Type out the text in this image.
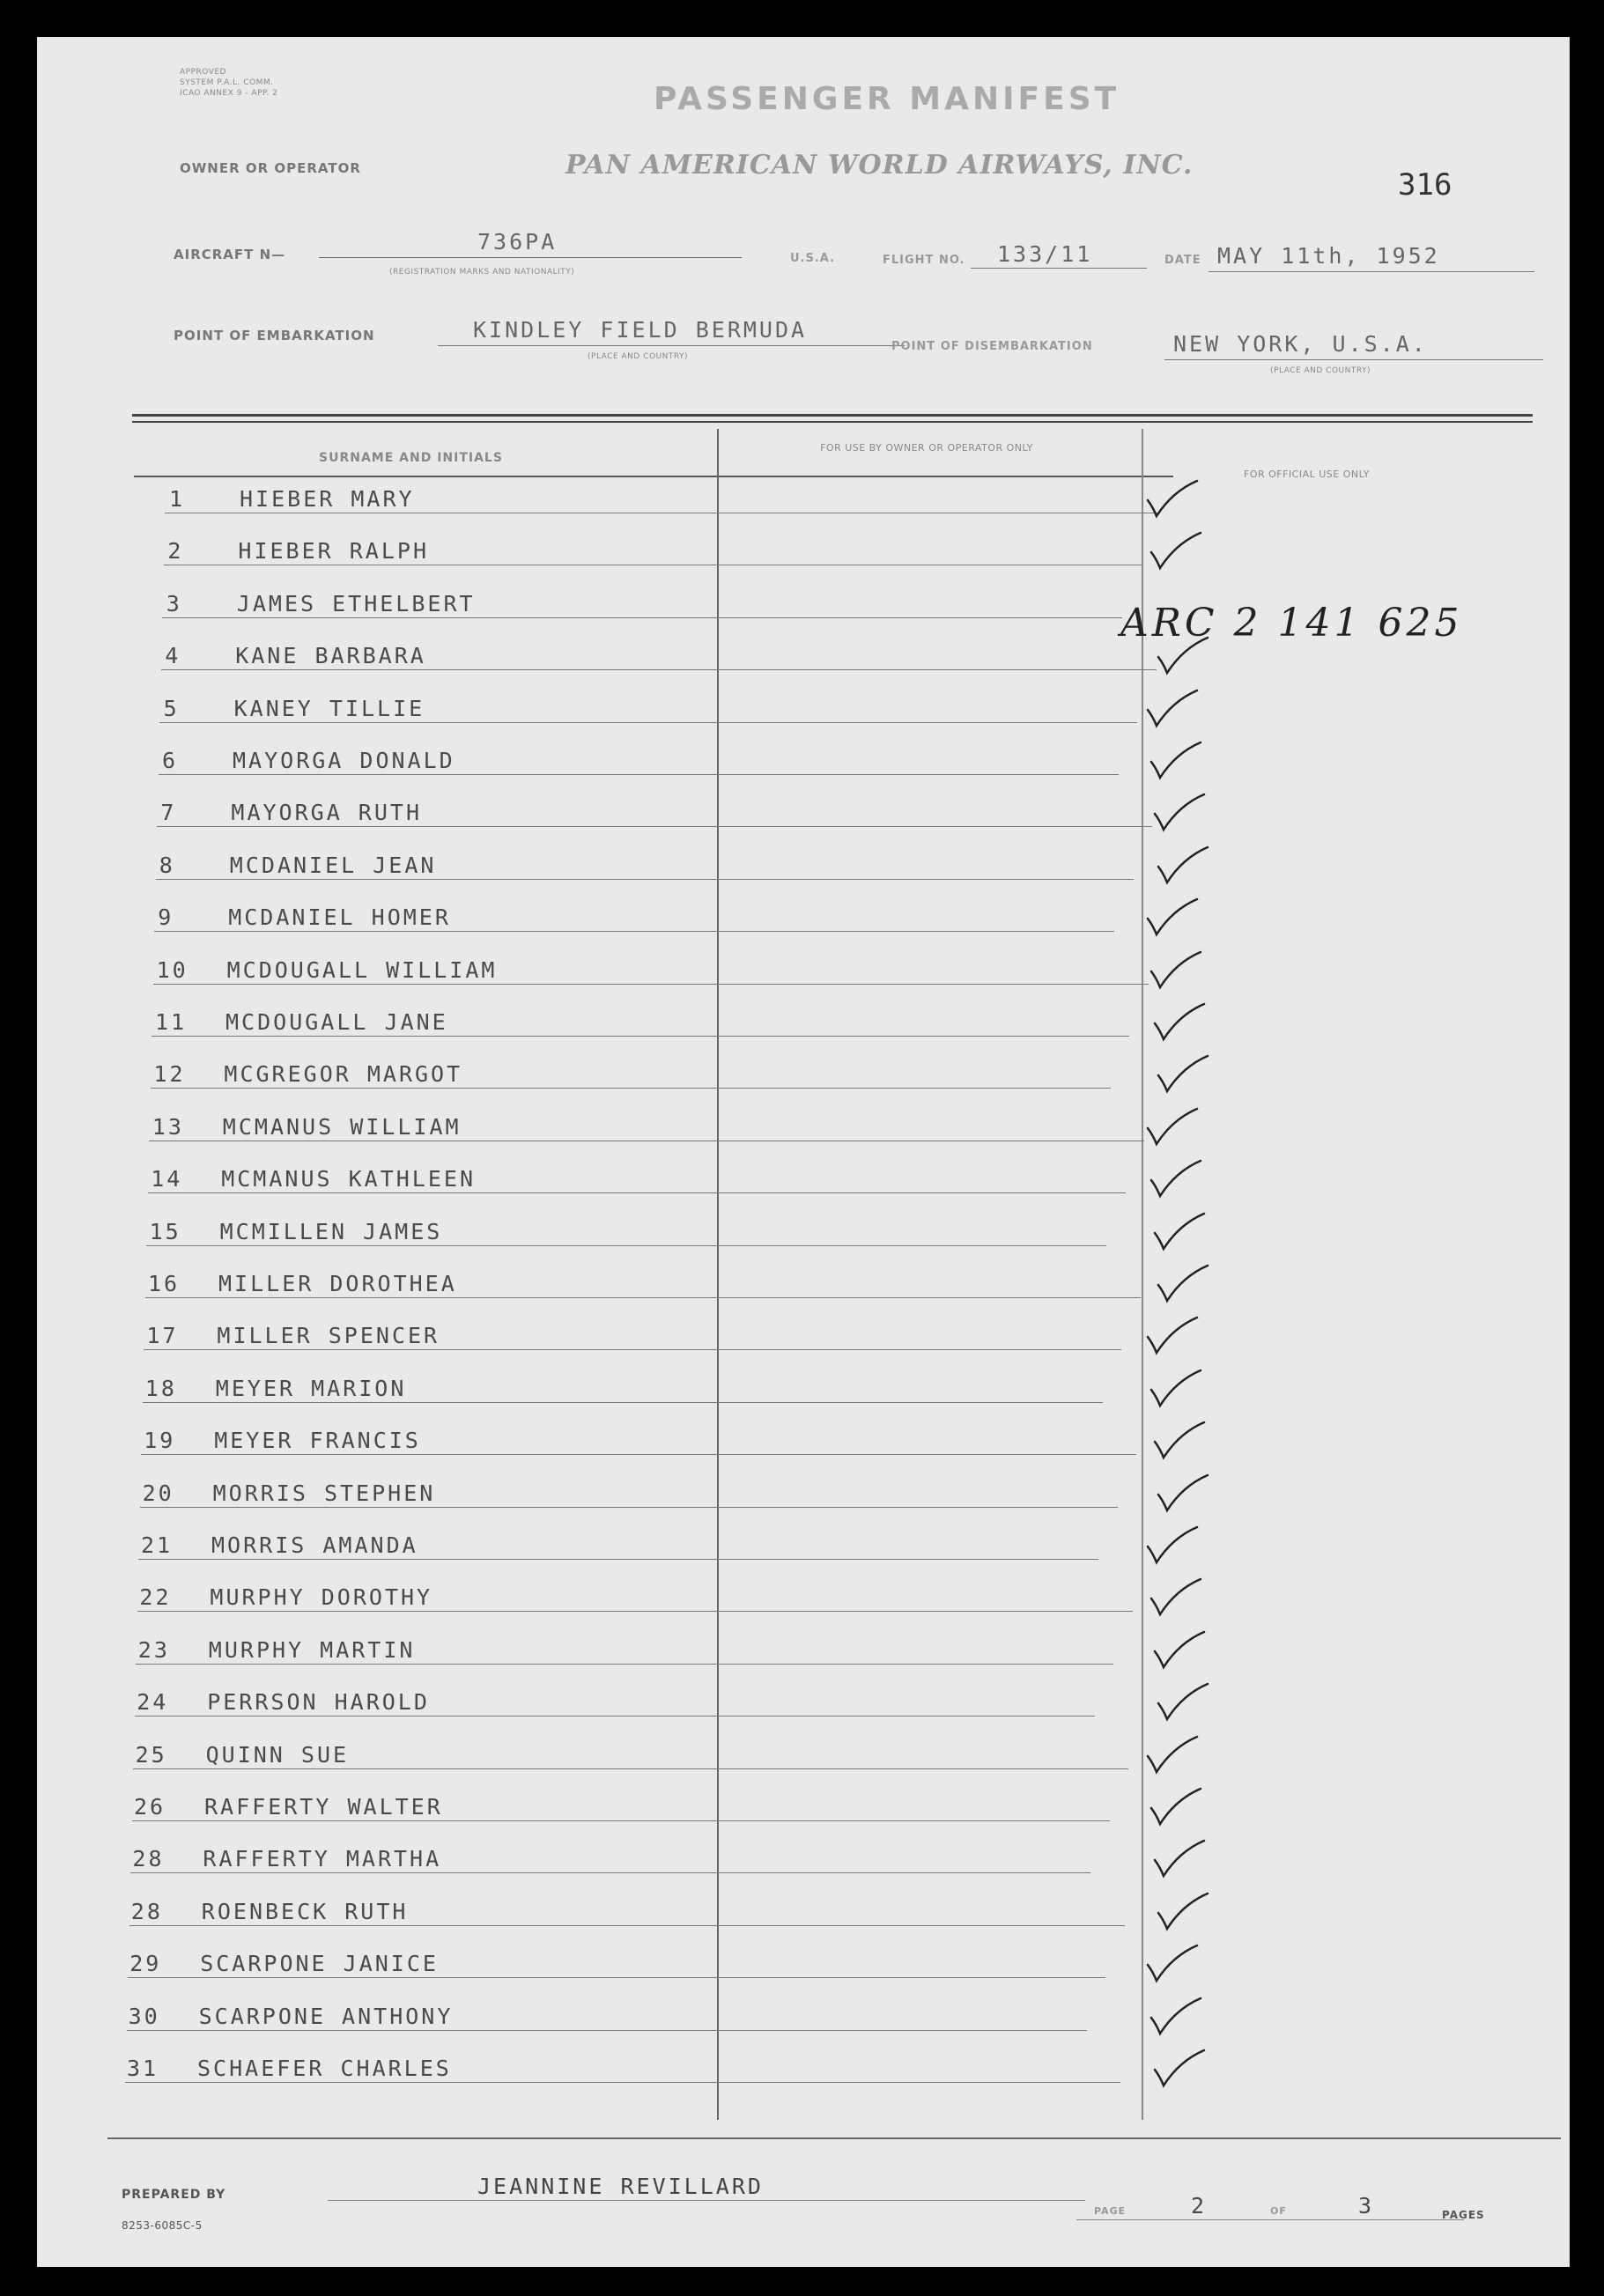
APPROVED
SYSTEM P.A.L. COMM.
ICAO ANNEX 9 - APP. 2	PASSENGER MANIFEST
OWNER OR OPERATOR	PAN AMERICAN WORLD AIRWAYS, INC.
316
AIRCRAFT N—	736PA
(REGISTRATION MARKS AND NATIONALITY)
U.S.A.	FLIGHT NO. 133/11	DATE MAY 11th, 1952
POINT OF EMBARKATION	KINDLEY FIELD BERMUDA
(PLACE AND COUNTRY)
POINT OF DISEMBARKATION	NEW YORK, U.S.A.
(PLACE AND COUNTRY)
SURNAME AND INITIALS
FOR USE BY OWNER OR OPERATOR ONLY
FOR OFFICIAL USE ONLY
1 HIEBER MARY
2 HIEBER RALPH
3 JAMES ETHELBERT
4 KANE BARBARA
5 KANEY TILLIE
6 MAYORGA DONALD
7 MAYORGA RUTH
8 MCDANIEL JEAN
9 MCDANIEL HOMER
10 MCDOUGALL WILLIAM
11 MCDOUGALL JANE
12 MCGREGOR MARGOT
13 MCMANUS WILLIAM
14 MCMANUS KATHLEEN
15 MCMILLEN JAMES
16 MILLER DOROTHEA
17 MILLER SPENCER
18 MEYER MARION
19 MEYER FRANCIS
20 MORRIS STEPHEN
21 MORRIS AMANDA
22 MURPHY DOROTHY
23 MURPHY MARTIN
24 PERRSON HAROLD
25 QUINN SUE
26 RAFFERTY WALTER
28 RAFFERTY MARTHA
28 ROENBECK RUTH
29 SCARPONE JANICE
30 SCARPONE ANTHONY
31 SCHAEFER CHARLES
ARC 2 141 625
PREPARED BY	JEANNINE REVILLARD
8253-6085C-5
PAGE	2	OF	3	PAGES
